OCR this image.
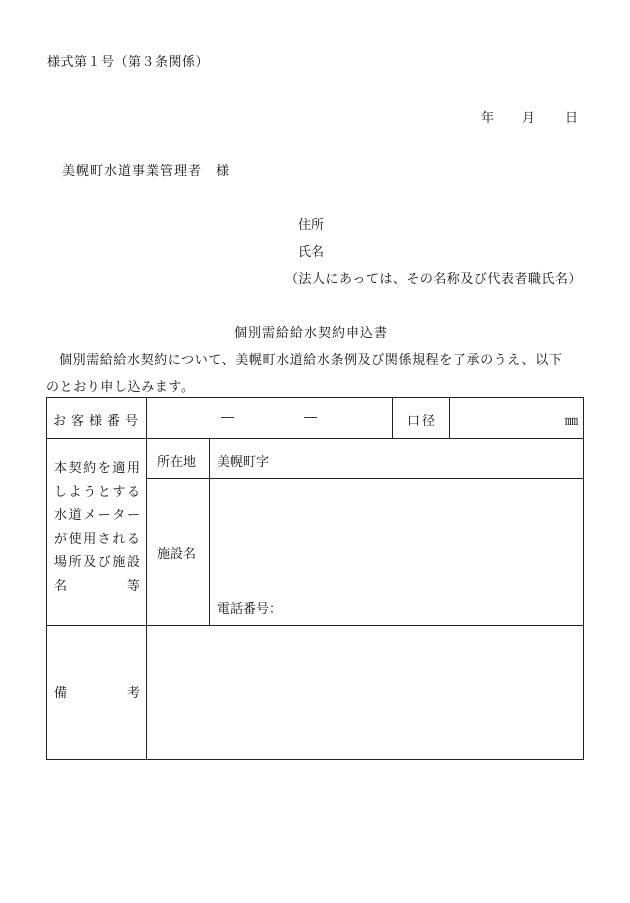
様式第１号（第３条関係）
年 月 日
美幌町水道事業管理者 様
住所
氏名
（法人にあっては、その名称及び代表者職氏名）
個別需給給水契約申込書
個別需給給水契約について、美幌町水道給水条例及び関係規程を了承のうえ、以下
のとおり申し込みます。
お客様番号	―	―	口径	㎜
本契約を適用
しようとする
水道メーター
が使用される
場所及び施設
名　　　　等
所在地 美幌町字
施設名
電話番号：
備	考
